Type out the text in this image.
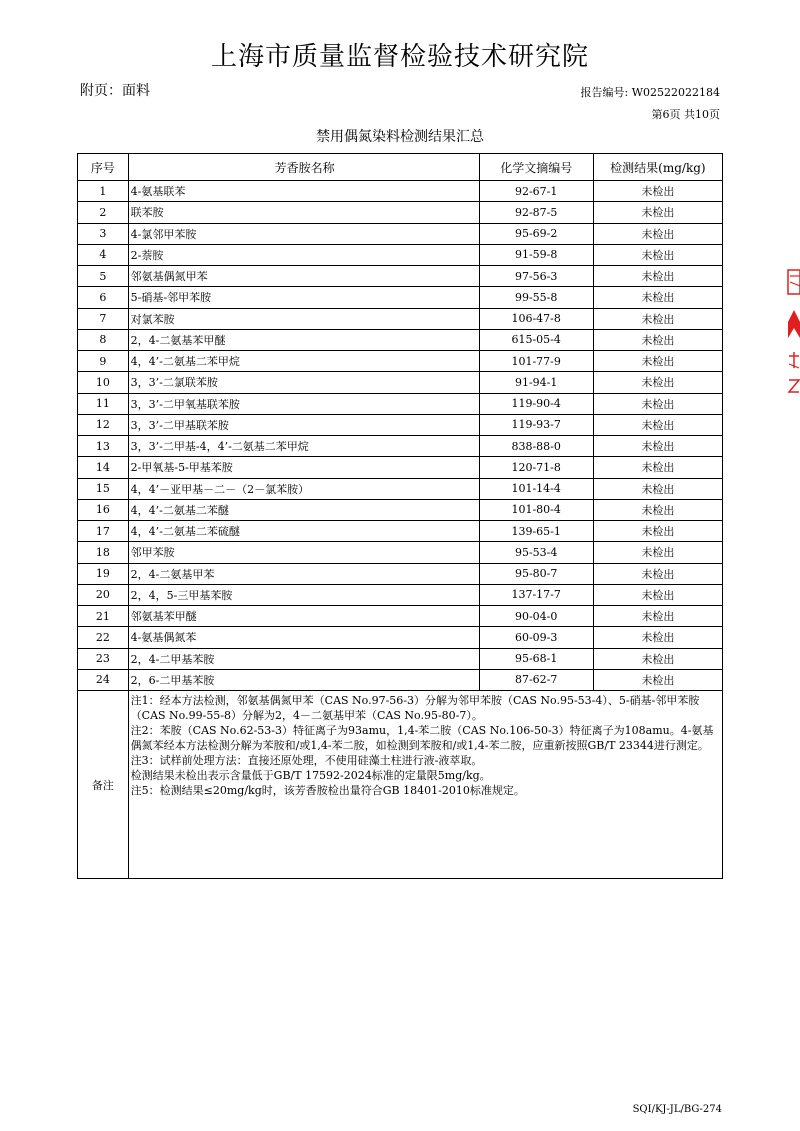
上海市质量监督检验技术研究院
附页：面料	报告编号: W02522022184
第6页 共10页
禁用偶氮染料检测结果汇总
序号	芳香胺名称	化学文摘编号	检测结果(mg/kg)
1	4-氨基联苯	92-67-1	未检出
2	联苯胺	92-87-5	未检出
3	4-氯邻甲苯胺	95-69-2	未检出
4	2-萘胺	91-59-8	未检出
5	邻氨基偶氮甲苯	97-56-3	未检出
6	5-硝基-邻甲苯胺	99-55-8	未检出
7	对氯苯胺	106-47-8	未检出
8	2，4-二氨基苯甲醚	615-05-4	未检出
9	4，4’-二氨基二苯甲烷	101-77-9	未检出
10	3，3’-二氯联苯胺	91-94-1	未检出
11	3，3’-二甲氧基联苯胺	119-90-4	未检出
12	3，3’-二甲基联苯胺	119-93-7	未检出
13	3，3’-二甲基-4，4’-二氨基二苯甲烷	838-88-0	未检出
14	2-甲氧基-5-甲基苯胺	120-71-8	未检出
15	4，4’－亚甲基－二－（2－氯苯胺）	101-14-4	未检出
16	4，4’-二氨基二苯醚	101-80-4	未检出
17	4，4’-二氨基二苯硫醚	139-65-1	未检出
18	邻甲苯胺	95-53-4	未检出
19	2，4-二氨基甲苯	95-80-7	未检出
20	2，4，5-三甲基苯胺	137-17-7	未检出
21	邻氨基苯甲醚	90-04-0	未检出
22	4-氨基偶氮苯	60-09-3	未检出
23	2，4-二甲基苯胺	95-68-1	未检出
24	2，6-二甲基苯胺	87-62-7	未检出
备注	注1：经本方法检测，邻氨基偶氮甲苯（CAS No.97-56-3）分解为邻甲苯胺（CAS No.95-53-4）、5-硝基-邻甲苯胺（CAS No.99-55-8）分解为2，4－二氨基甲苯（CAS No.95-80-7）。
注2：苯胺（CAS No.62-53-3）特征离子为93amu，1,4-苯二胺（CAS No.106-50-3）特征离子为108amu。4-氨基偶氮苯经本方法检测分解为苯胺和/或1,4-苯二胺，如检测到苯胺和/或1,4-苯二胺，应重新按照GB/T 23344进行测定。
注3：试样前处理方法：直接还原处理，不使用硅藻土柱进行液-液萃取。
检测结果未检出表示含量低于GB/T 17592-2024标准的定量限5mg/kg。
注5：检测结果≤20mg/kg时，该芳香胺检出量符合GB 18401-2010标准规定。		
SQI/KJ-JL/BG-274
